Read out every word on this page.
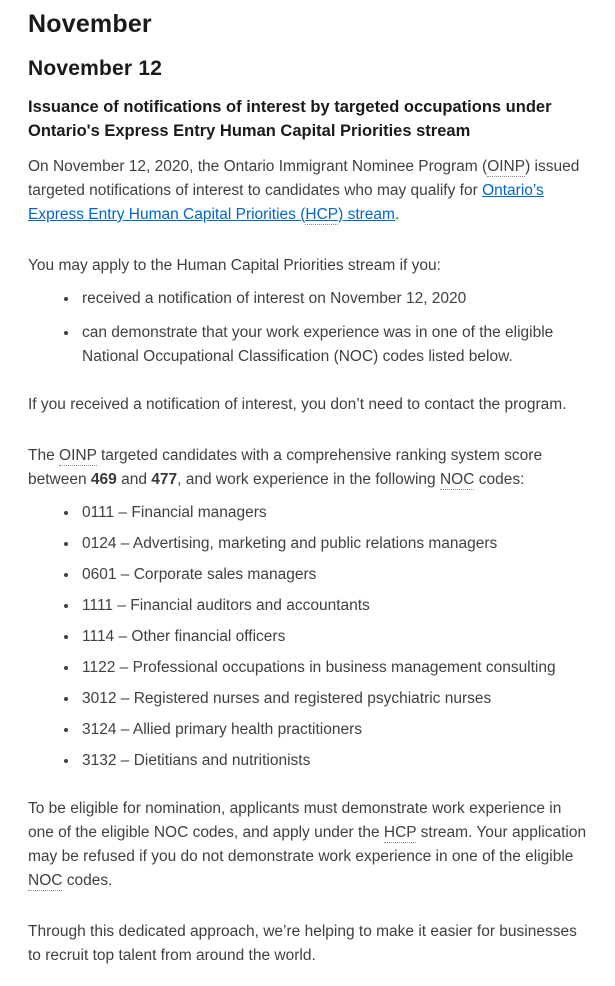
November
November 12
Issuance of notifications of interest by targeted occupations under Ontario's Express Entry Human Capital Priorities stream

On November 12, 2020, the Ontario Immigrant Nominee Program (OINP) issued targeted notifications of interest to candidates who may qualify for Ontario’s Express Entry Human Capital Priorities (HCP) stream.

You may apply to the Human Capital Priorities stream if you:

• received a notification of interest on November 12, 2020
• can demonstrate that your work experience was in one of the eligible National Occupational Classification (NOC) codes listed below.

If you received a notification of interest, you don’t need to contact the program.

The OINP targeted candidates with a comprehensive ranking system score between 469 and 477, and work experience in the following NOC codes:

• 0111 – Financial managers
• 0124 – Advertising, marketing and public relations managers
• 0601 – Corporate sales managers
• 1111 – Financial auditors and accountants
• 1114 – Other financial officers
• 1122 – Professional occupations in business management consulting
• 3012 – Registered nurses and registered psychiatric nurses
• 3124 – Allied primary health practitioners
• 3132 – Dietitians and nutritionists

To be eligible for nomination, applicants must demonstrate work experience in one of the eligible NOC codes, and apply under the HCP stream. Your application may be refused if you do not demonstrate work experience in one of the eligible NOC codes.

Through this dedicated approach, we’re helping to make it easier for businesses to recruit top talent from around the world.
